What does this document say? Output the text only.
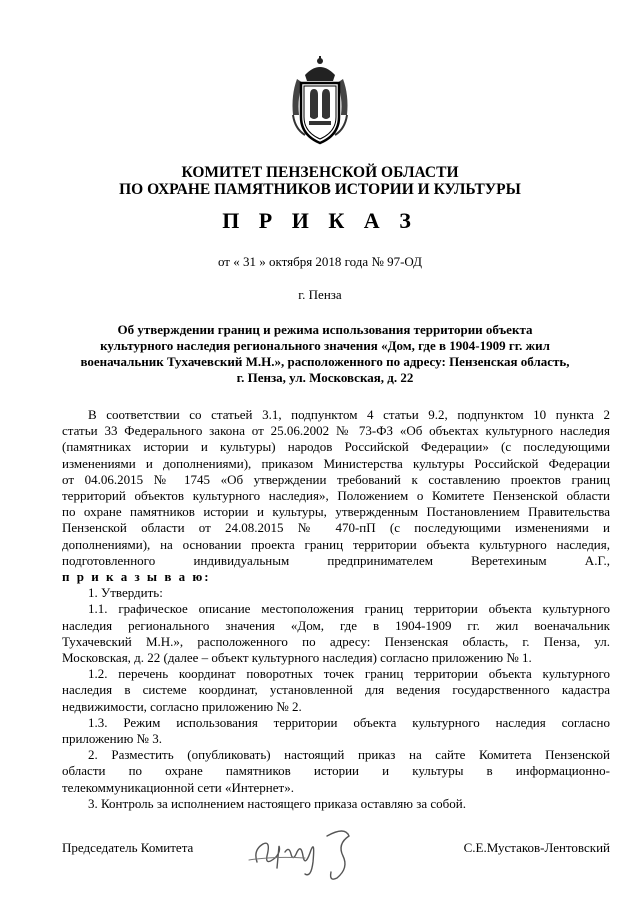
КОМИТЕТ ПЕНЗЕНСКОЙ ОБЛАСТИ
ПО ОХРАНЕ ПАМЯТНИКОВ ИСТОРИИ И КУЛЬТУРЫ
П Р И К А З
от « 31 » октября 2018 года № 97-ОД
г. Пенза
Об утверждении границ и режима использования территории объекта
культурного наследия регионального значения «Дом, где в 1904-1909 гг. жил
военачальник Тухачевский М.Н.», расположенного по адресу: Пензенская область,
г. Пенза, ул. Московская, д. 22
В соответствии со статьей 3.1, подпунктом 4 статьи 9.2, подпунктом 10 пункта 2
статьи 33 Федерального закона от 25.06.2002 № 73-ФЗ «Об объектах культурного наследия
(памятниках истории и культуры) народов Российской Федерации» (с последующими
изменениями и дополнениями), приказом Министерства культуры Российской Федерации
от 04.06.2015 № 1745 «Об утверждении требований к составлению проектов границ
территорий объектов культурного наследия», Положением о Комитете Пензенской области
по охране памятников истории и культуры, утвержденным Постановлением Правительства
Пензенской области от 24.08.2015 № 470-пП (с последующими изменениями и
дополнениями), на основании проекта границ территории объекта культурного наследия,
подготовленного индивидуальным предпринимателем Веретехиным А.Г.,
п р и к а з ы в а ю:
1. Утвердить:
1.1. графическое описание местоположения границ территории объекта культурного
наследия регионального значения «Дом, где в 1904-1909 гг. жил военачальник
Тухачевский М.Н.», расположенного по адресу: Пензенская область, г. Пенза, ул.
Московская, д. 22 (далее – объект культурного наследия) согласно приложению № 1.
1.2. перечень координат поворотных точек границ территории объекта культурного
наследия в системе координат, установленной для ведения государственного кадастра
недвижимости, согласно приложению № 2.
1.3. Режим использования территории объекта культурного наследия согласно
приложению № 3.
2. Разместить (опубликовать) настоящий приказ на сайте Комитета Пензенской
области по охране памятников истории и культуры в информационно-
телекоммуникационной сети «Интернет».
3. Контроль за исполнением настоящего приказа оставляю за собой.
Председатель Комитета	С.Е.Мустаков-Лентовский
